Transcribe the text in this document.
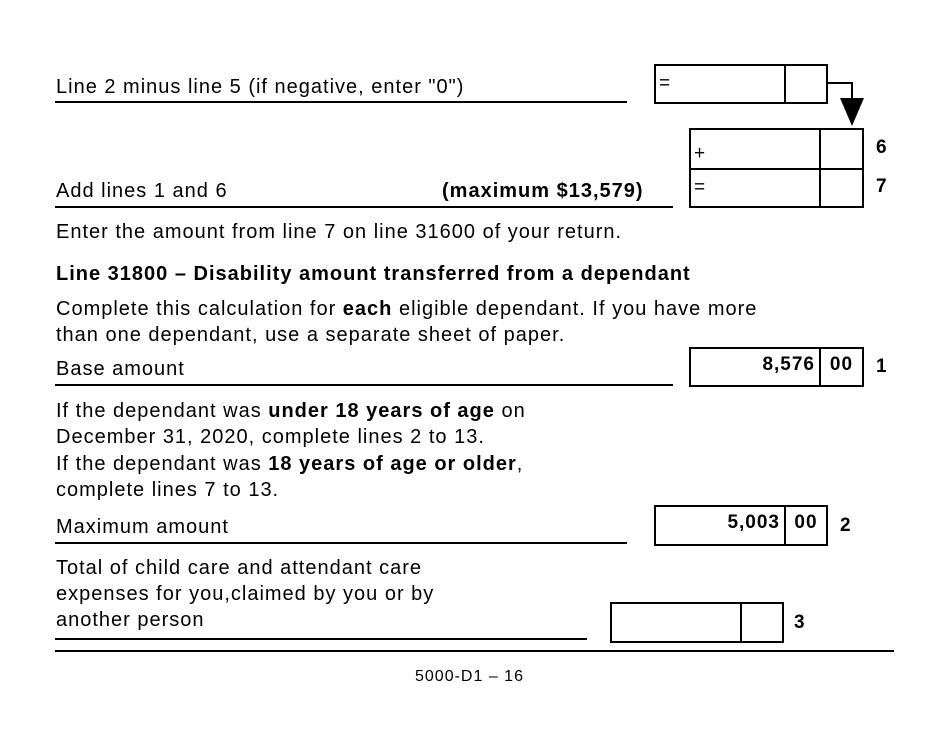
Line 2 minus line 5 (if negative, enter "0")	=
+	6
Add lines 1 and 6	(maximum $13,579)	=	7
Enter the amount from line 7 on line 31600 of your return.
Line 31800 – Disability amount transferred from a dependant
Complete this calculation for each eligible dependant. If you have more
than one dependant, use a separate sheet of paper.
Base amount	8,576 00	1
If the dependant was under 18 years of age on
December 31, 2020, complete lines 2 to 13.
If the dependant was 18 years of age or older,
complete lines 7 to 13.
Maximum amount	5,003 00	2
Total of child care and attendant care
expenses for you,claimed by you or by
another person	3
5000-D1 – 16
